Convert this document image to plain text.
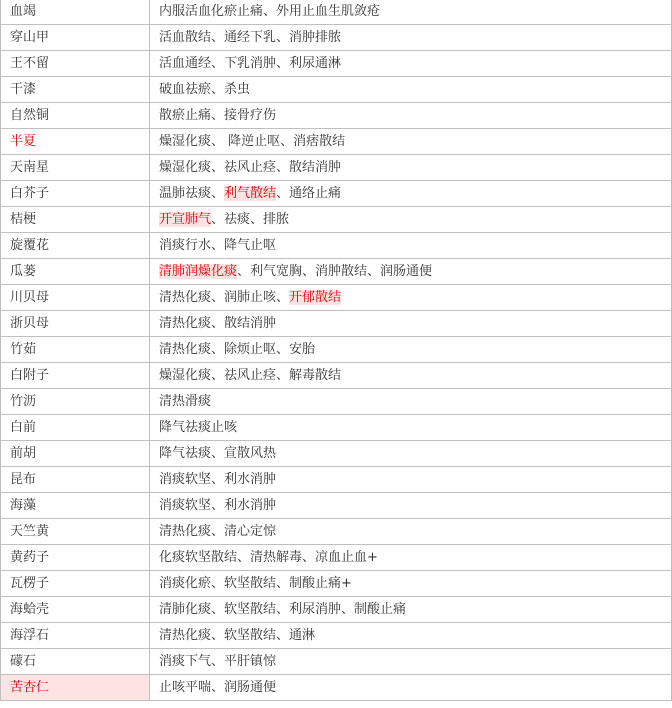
血竭	内服活血化瘀止痛、外用止血生肌敛疮
穿山甲	活血散结、通经下乳、消肿排脓
王不留	活血通经、下乳消肿、利尿通淋
干漆	破血祛瘀、杀虫
自然铜	散瘀止痛、接骨疗伤
半夏	燥湿化痰、 降逆止呕、消痞散结
天南星	燥湿化痰、祛风止痉、散结消肿
白芥子	温肺祛痰、利气散结、通络止痛
桔梗	开宣肺气、祛痰、排脓
旋覆花	消痰行水、降气止呕
瓜蒌	清肺润燥化痰、利气宽胸、消肿散结、润肠通便
川贝母	清热化痰、润肺止咳、开郁散结
浙贝母	清热化痰、散结消肿
竹茹	清热化痰、除烦止呕、安胎
白附子	燥湿化痰、祛风止痉、解毒散结
竹沥	清热滑痰
白前	降气祛痰止咳
前胡	降气祛痰、宣散风热
昆布	消痰软坚、利水消肿
海藻	消痰软坚、利水消肿
天竺黄	清热化痰、清心定惊
黄药子	化痰软坚散结、清热解毒、凉血止血+
瓦楞子	消痰化瘀、软坚散结、制酸止痛+
海蛤壳	清肺化痰、软坚散结、利尿消肿、制酸止痛
海浮石	清热化痰、软坚散结、通淋
礞石	消痰下气、平肝镇惊
苦杏仁	止咳平喘、润肠通便
